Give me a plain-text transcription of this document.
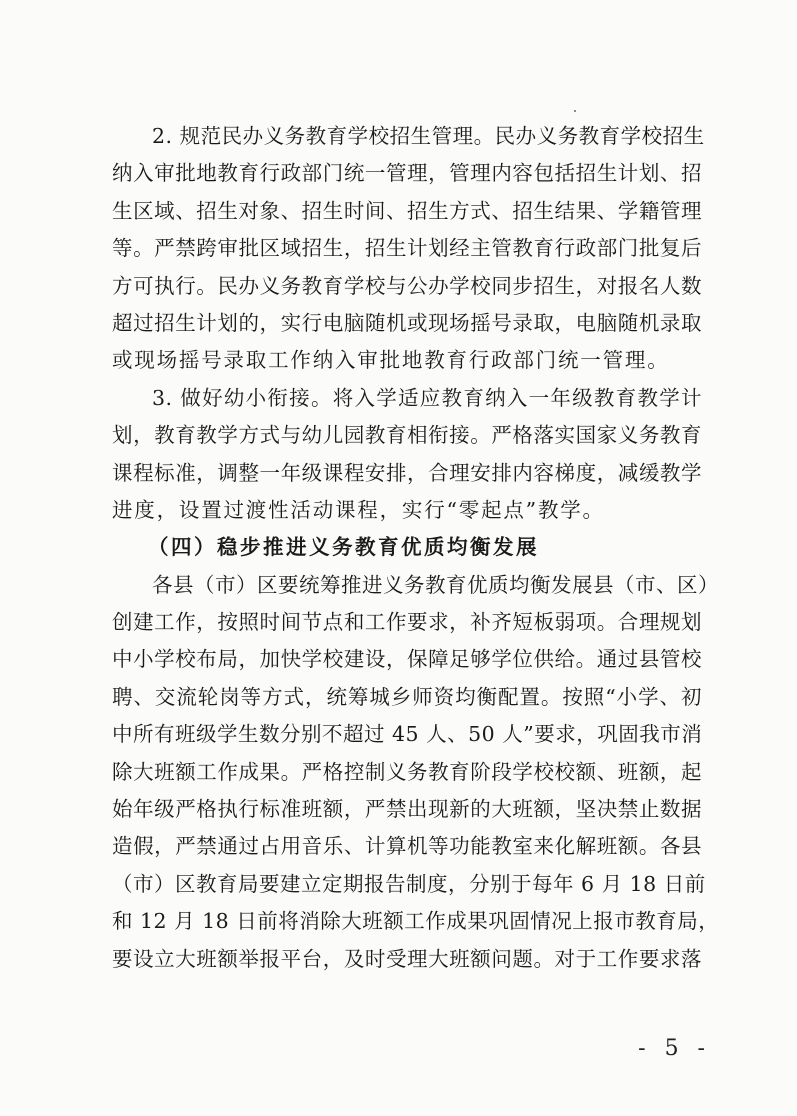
2. 规范民办义务教育学校招生管理。民办义务教育学校招生
纳入审批地教育行政部门统一管理，管理内容包括招生计划、招
生区域、招生对象、招生时间、招生方式、招生结果、学籍管理
等。严禁跨审批区域招生，招生计划经主管教育行政部门批复后
方可执行。民办义务教育学校与公办学校同步招生，对报名人数
超过招生计划的，实行电脑随机或现场摇号录取，电脑随机录取
或现场摇号录取工作纳入审批地教育行政部门统一管理。
3. 做好幼小衔接。将入学适应教育纳入一年级教育教学计
划，教育教学方式与幼儿园教育相衔接。严格落实国家义务教育
课程标准，调整一年级课程安排，合理安排内容梯度，减缓教学
进度，设置过渡性活动课程，实行“零起点”教学。
（四）稳步推进义务教育优质均衡发展
各县（市）区要统筹推进义务教育优质均衡发展县（市、区）
创建工作，按照时间节点和工作要求，补齐短板弱项。合理规划
中小学校布局，加快学校建设，保障足够学位供给。通过县管校
聘、交流轮岗等方式，统筹城乡师资均衡配置。按照“小学、初
中所有班级学生数分别不超过 45 人、50 人”要求，巩固我市消
除大班额工作成果。严格控制义务教育阶段学校校额、班额，起
始年级严格执行标准班额，严禁出现新的大班额，坚决禁止数据
造假，严禁通过占用音乐、计算机等功能教室来化解班额。各县
（市）区教育局要建立定期报告制度，分别于每年 6 月 18 日前
和 12 月 18 日前将消除大班额工作成果巩固情况上报市教育局，
要设立大班额举报平台，及时受理大班额问题。对于工作要求落
- 5 -
